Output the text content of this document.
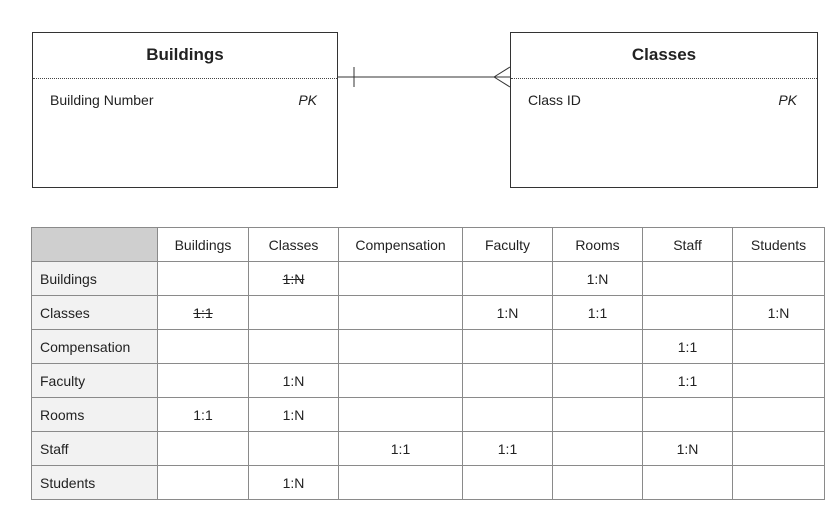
Buildings
Building Number	PK
Classes
Class ID	PK
	Buildings	Classes	Compensation	Faculty	Rooms	Staff	Students
Buildings		1:N			1:N		
Classes	1:1			1:N	1:1		1:N
Compensation						1:1	
Faculty		1:N				1:1	
Rooms	1:1	1:N					
Staff			1:1	1:1		1:N	
Students		1:N					
